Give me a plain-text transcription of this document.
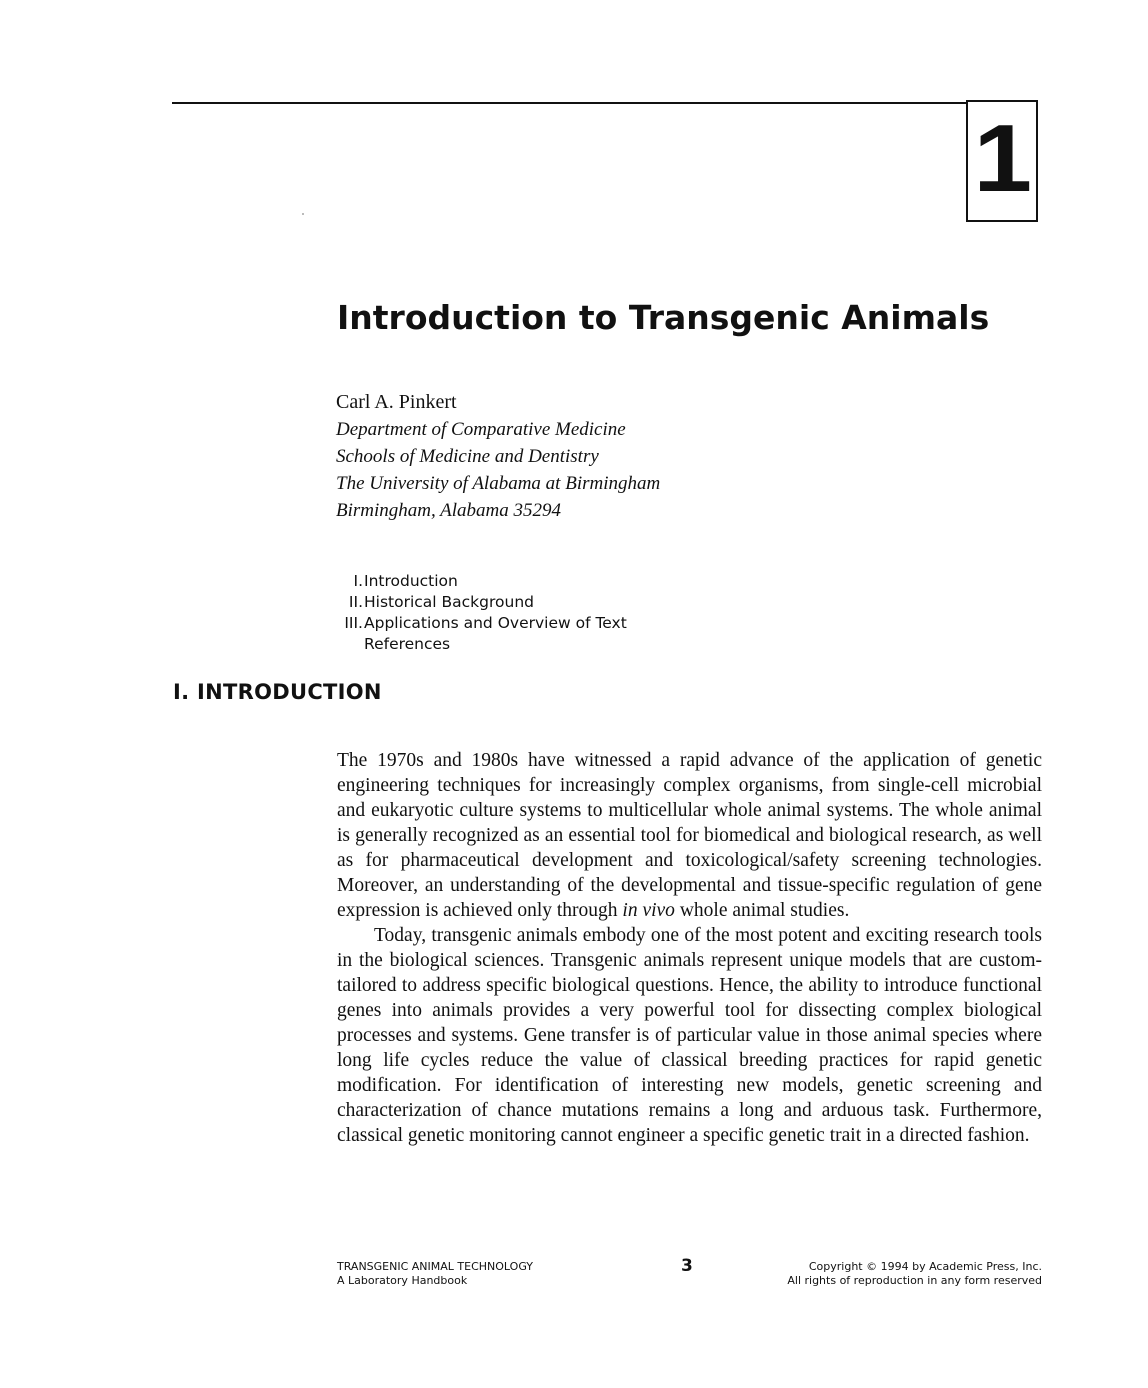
1
Introduction to Transgenic Animals
Carl A. Pinkert
Department of Comparative Medicine
Schools of Medicine and Dentistry
The University of Alabama at Birmingham
Birmingham, Alabama 35294
I. Introduction
II. Historical Background
III. Applications and Overview of Text
References
I. INTRODUCTION

The 1970s and 1980s have witnessed a rapid advance of the application of genetic engineering techniques for increasingly complex organisms, from single-cell microbial and eukaryotic culture systems to multicellular whole animal systems. The whole animal is generally recognized as an essential tool for biomedical and biological research, as well as for pharmaceutical development and toxicological/safety screening technologies. Moreover, an understanding of the developmental and tissue-specific regulation of gene expression is achieved only through in vivo whole animal studies.

Today, transgenic animals embody one of the most potent and exciting research tools in the biological sciences. Transgenic animals represent unique models that are custom-tailored to address specific biological questions. Hence, the ability to introduce functional genes into animals provides a very powerful tool for dissecting complex biological processes and systems. Gene transfer is of particular value in those animal species where long life cycles reduce the value of classical breeding practices for rapid genetic modification. For identification of interesting new models, genetic screening and characterization of chance mutations remains a long and arduous task. Furthermore, classical genetic monitoring cannot engineer a specific genetic trait in a directed fashion.

TRANSGENIC ANIMAL TECHNOLOGY
A Laboratory Handbook
3	Copyright © 1994 by Academic Press, Inc.
All rights of reproduction in any form reserved
